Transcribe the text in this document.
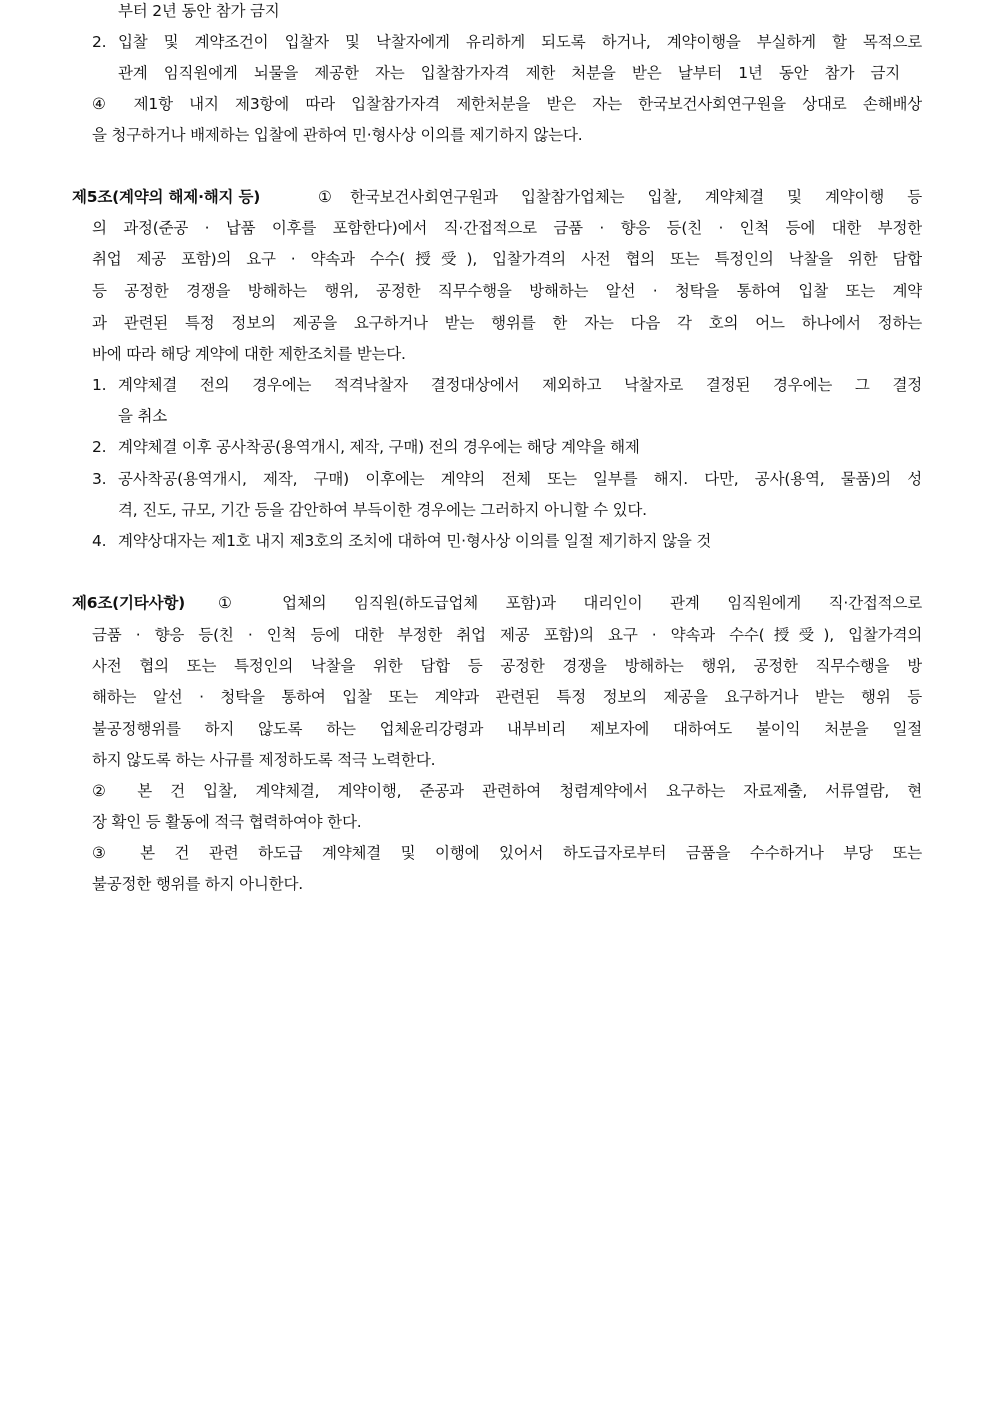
부터 2년 동안 참가 금지
2. 입찰 및 계약조건이 입찰자 및 낙찰자에게 유리하게 되도록 하거나, 계약이행을 부실하게 할 목적으로
관계 임직원에게 뇌물을 제공한 자는 입찰참가자격 제한 처분을 받은 날부터 1년 동안 참가 금지
④ 제1항 내지 제3항에 따라 입찰참가자격 제한처분을 받은 자는 한국보건사회연구원을 상대로 손해배상
을 청구하거나 배제하는 입찰에 관하여 민·형사상 이의를 제기하지 않는다.
제5조(계약의 해제·해지 등)	①한국보건사회연구원과 입찰참가업체는 입찰, 계약체결 및 계약이행 등
의 과정(준공 · 납품 이후를 포함한다)에서 직·간접적으로 금품 · 향응 등(친 · 인척 등에 대한 부정한
취업 제공 포함)의 요구 · 약속과 수수(授受), 입찰가격의 사전 협의 또는 특정인의 낙찰을 위한 담합
등 공정한 경쟁을 방해하는 행위, 공정한 직무수행을 방해하는 알선 · 청탁을 통하여 입찰 또는 계약
과 관련된 특정 정보의 제공을 요구하거나 받는 행위를 한 자는 다음 각 호의 어느 하나에서 정하는
바에 따라 해당 계약에 대한 제한조치를 받는다.
1. 계약체결 전의 경우에는 적격낙찰자 결정대상에서 제외하고 낙찰자로 결정된 경우에는 그 결정
을 취소
2. 계약체결 이후 공사착공(용역개시, 제작, 구매) 전의 경우에는 해당 계약을 해제
3. 공사착공(용역개시, 제작, 구매) 이후에는 계약의 전체 또는 일부를 해지. 다만, 공사(용역, 물품)의 성
격, 진도, 규모, 기간 등을 감안하여 부득이한 경우에는 그러하지 아니할 수 있다.
4. 계약상대자는 제1호 내지 제3호의 조치에 대하여 민·형사상 이의를 일절 제기하지 않을 것
제6조(기타사항) ① 업체의 임직원(하도급업체 포함)과 대리인이 관계 임직원에게 직·간접적으로
금품 · 향응 등(친 · 인척 등에 대한 부정한 취업 제공 포함)의 요구 · 약속과 수수(授受), 입찰가격의
사전 협의 또는 특정인의 낙찰을 위한 담합 등 공정한 경쟁을 방해하는 행위, 공정한 직무수행을 방
해하는 알선 · 청탁을 통하여 입찰 또는 계약과 관련된 특정 정보의 제공을 요구하거나 받는 행위 등
불공정행위를 하지 않도록 하는 업체윤리강령과 내부비리 제보자에 대하여도 불이익 처분을 일절
하지 않도록 하는 사규를 제정하도록 적극 노력한다.
② 본 건 입찰, 계약체결, 계약이행, 준공과 관련하여 청렴계약에서 요구하는 자료제출, 서류열람, 현
장 확인 등 활동에 적극 협력하여야 한다.
③ 본 건 관련 하도급 계약체결 및 이행에 있어서 하도급자로부터 금품을 수수하거나 부당 또는
불공정한 행위를 하지 아니한다.
